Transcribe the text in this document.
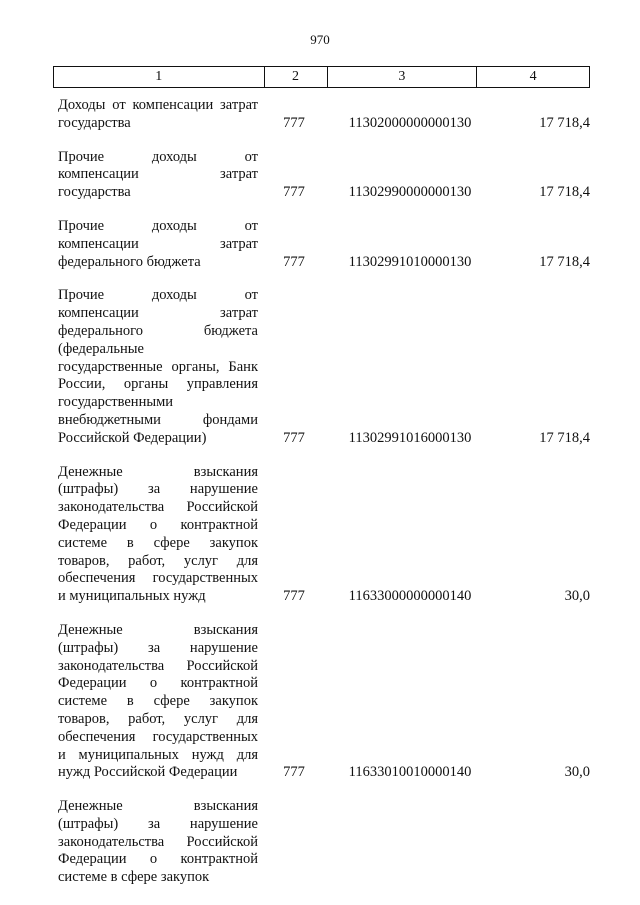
970
1	2	3	4
Доходы от компенсации затрат
государства	777	11302000000000130	17 718,4
Прочие доходы от
компенсации затрат
государства	777	11302990000000130	17 718,4
Прочие доходы от
компенсации затрат
федерального бюджета	777	11302991010000130	17 718,4
Прочие доходы от
компенсации затрат
федерального бюджета
(федеральные
государственные органы, Банк
России, органы управления
государственными
внебюджетными фондами
Российской Федерации)	777	11302991016000130	17 718,4
Денежные взыскания
(штрафы) за нарушение
законодательства Российской
Федерации о контрактной
системе в сфере закупок
товаров, работ, услуг для
обеспечения государственных
и муниципальных нужд	777	11633000000000140	30,0
Денежные взыскания
(штрафы) за нарушение
законодательства Российской
Федерации о контрактной
системе в сфере закупок
товаров, работ, услуг для
обеспечения государственных
и муниципальных нужд для
нужд Российской Федерации	777	11633010010000140	30,0
Денежные взыскания
(штрафы) за нарушение
законодательства Российской
Федерации о контрактной
системе в сфере закупок
